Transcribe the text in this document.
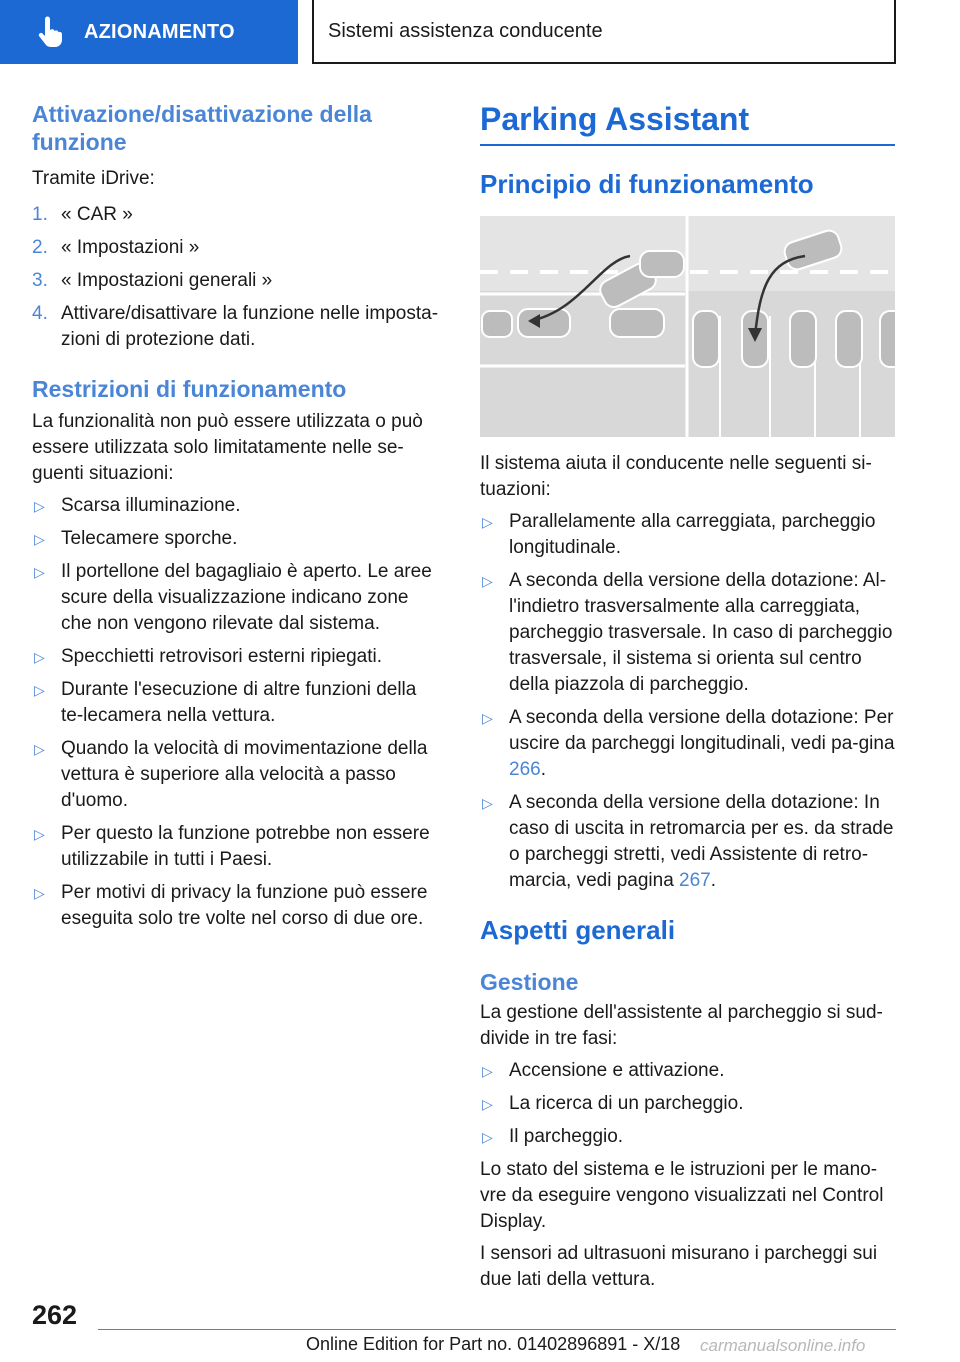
AZIONAMENTO	Sistemi assistenza conducente
Attivazione/disattivazione della funzione
Tramite iDrive:
1. « CAR »
2. « Impostazioni »
3. « Impostazioni generali »
4. Attivare/disattivare la funzione nelle imposta-zioni di protezione dati.
Restrizioni di funzionamento
La funzionalità non può essere utilizzata o può essere utilizzata solo limitatamente nelle se-guenti situazioni:
▷ Scarsa illuminazione.
▷ Telecamere sporche.
▷ Il portellone del bagagliaio è aperto. Le aree scure della visualizzazione indicano zone che non vengono rilevate dal sistema.
▷ Specchietti retrovisori esterni ripiegati.
▷ Durante l'esecuzione di altre funzioni della te-lecamera nella vettura.
▷ Quando la velocità di movimentazione della vettura è superiore alla velocità a passo d'uomo.
▷ Per questo la funzione potrebbe non essere utilizzabile in tutti i Paesi.
▷ Per motivi di privacy la funzione può essere eseguita solo tre volte nel corso di due ore.
Parking Assistant
Principio di funzionamento
Il sistema aiuta il conducente nelle seguenti si-tuazioni:
▷ Parallelamente alla carreggiata, parcheggio longitudinale.
▷ A seconda della versione della dotazione: Al-l'indietro trasversalmente alla carreggiata, parcheggio trasversale. In caso di parcheggio trasversale, il sistema si orienta sul centro della piazzola di parcheggio.
▷ A seconda della versione della dotazione: Per uscire da parcheggi longitudinali, vedi pa-gina 266.
▷ A seconda della versione della dotazione: In caso di uscita in retromarcia per es. da strade o parcheggi stretti, vedi Assistente di retro-marcia, vedi pagina 267.
Aspetti generali
Gestione
La gestione dell'assistente al parcheggio si sud-divide in tre fasi:
▷ Accensione e attivazione.
▷ La ricerca di un parcheggio.
▷ Il parcheggio.
Lo stato del sistema e le istruzioni per le mano-vre da eseguire vengono visualizzati nel Control Display.
I sensori ad ultrasuoni misurano i parcheggi sui due lati della vettura.
262
Online Edition for Part no. 01402896891 - X/18 carmanualsonline.info
